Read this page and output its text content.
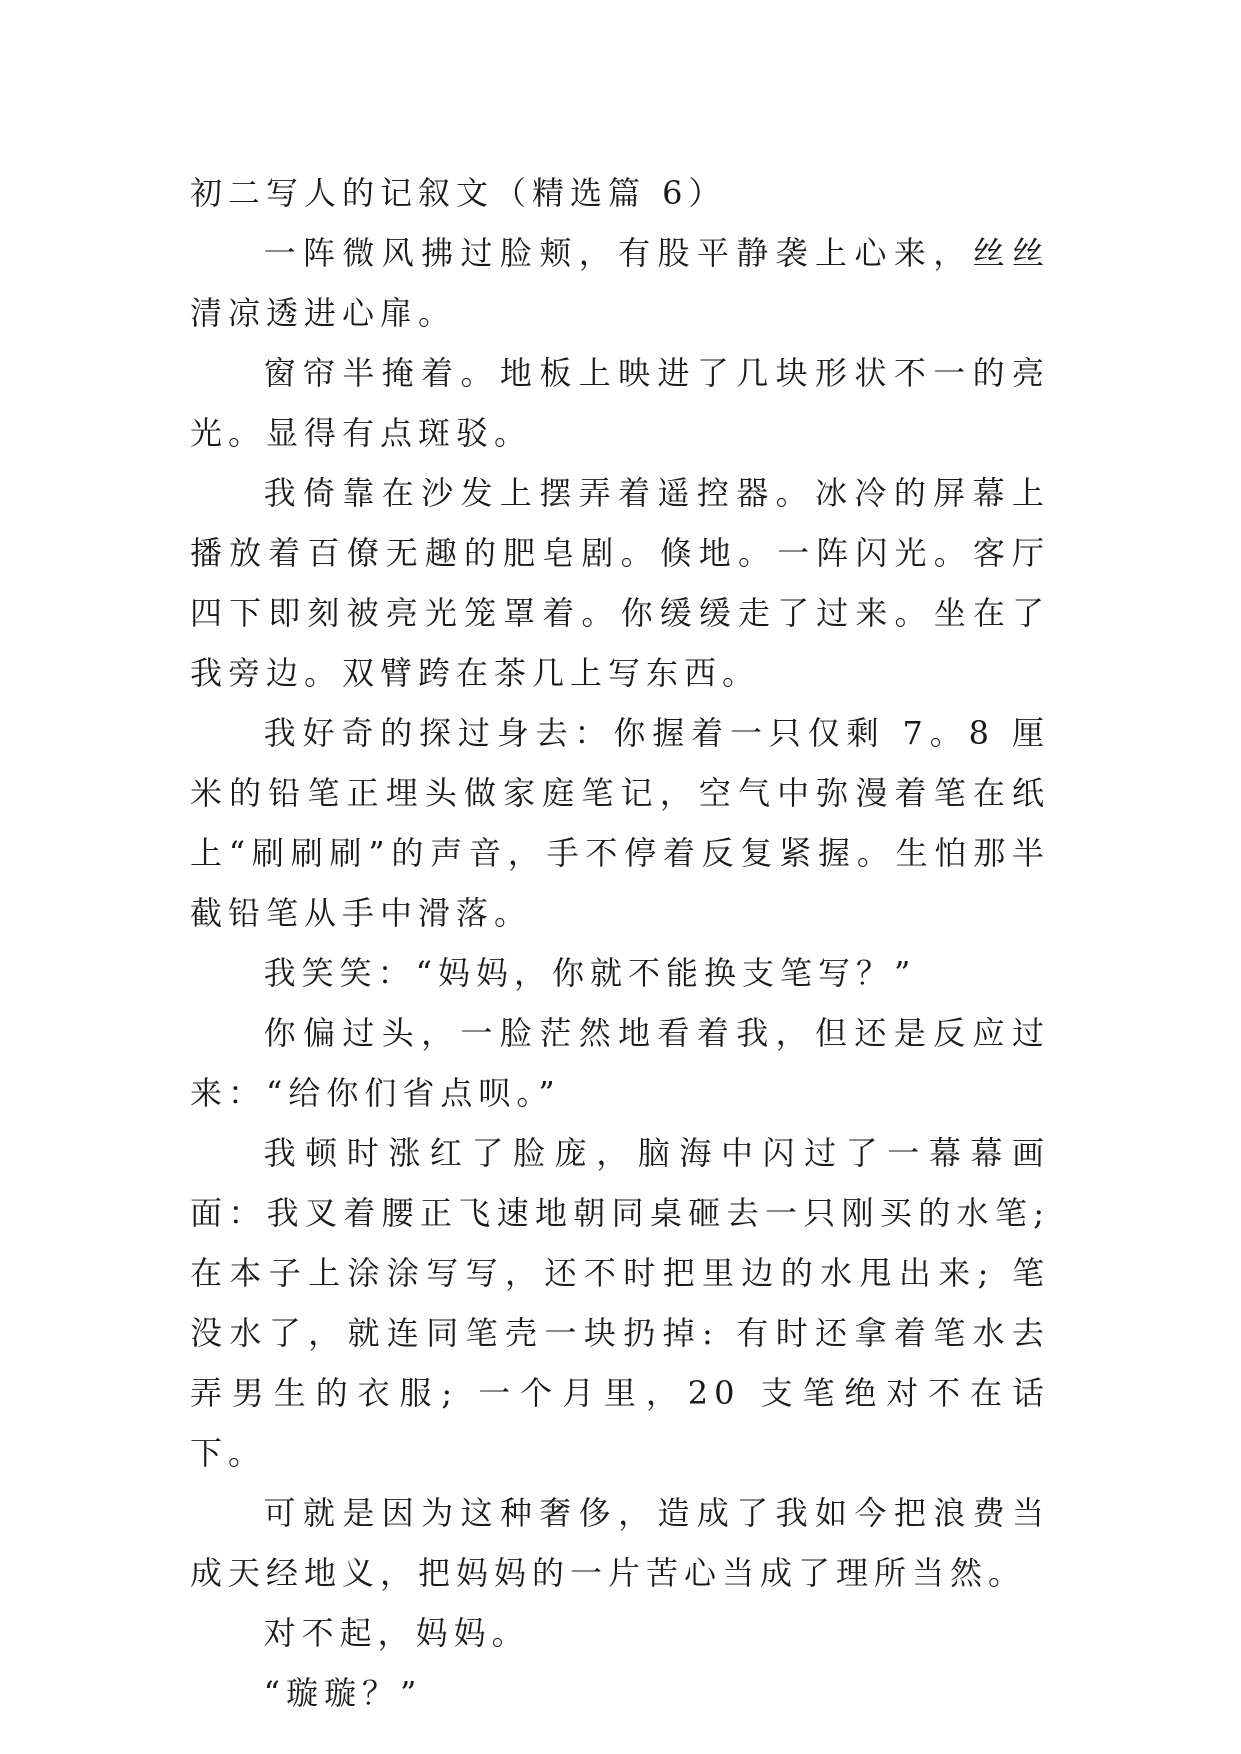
初二写人的记叙文（精选篇 6）

一阵微风拂过脸颊，有股平静袭上心来，丝丝清凉透进心扉。

窗帘半掩着。地板上映进了几块形状不一的亮光。显得有点斑驳。

我倚靠在沙发上摆弄着遥控器。冰冷的屏幕上播放着百僚无趣的肥皂剧。倏地。一阵闪光。客厅四下即刻被亮光笼罩着。你缓缓走了过来。坐在了我旁边。双臂跨在茶几上写东西。

我好奇的探过身去：你握着一只仅剩 7。8 厘米的铅笔正埋头做家庭笔记，空气中弥漫着笔在纸上“刷刷刷”的声音，手不停着反复紧握。生怕那半截铅笔从手中滑落。

我笑笑：“妈妈，你就不能换支笔写？”

你偏过头，一脸茫然地看着我，但还是反应过来：“给你们省点呗。”

我顿时涨红了脸庞，脑海中闪过了一幕幕画面：我叉着腰正飞速地朝同桌砸去一只刚买的水笔; 在本子上涂涂写写，还不时把里边的水甩出来; 笔没水了，就连同笔壳一块扔掉: 有时还拿着笔水去弄男生的衣服; 一个月里，20 支笔绝对不在话下。

可就是因为这种奢侈，造成了我如今把浪费当成天经地义，把妈妈的一片苦心当成了理所当然。

对不起，妈妈。

“璇璇？”
